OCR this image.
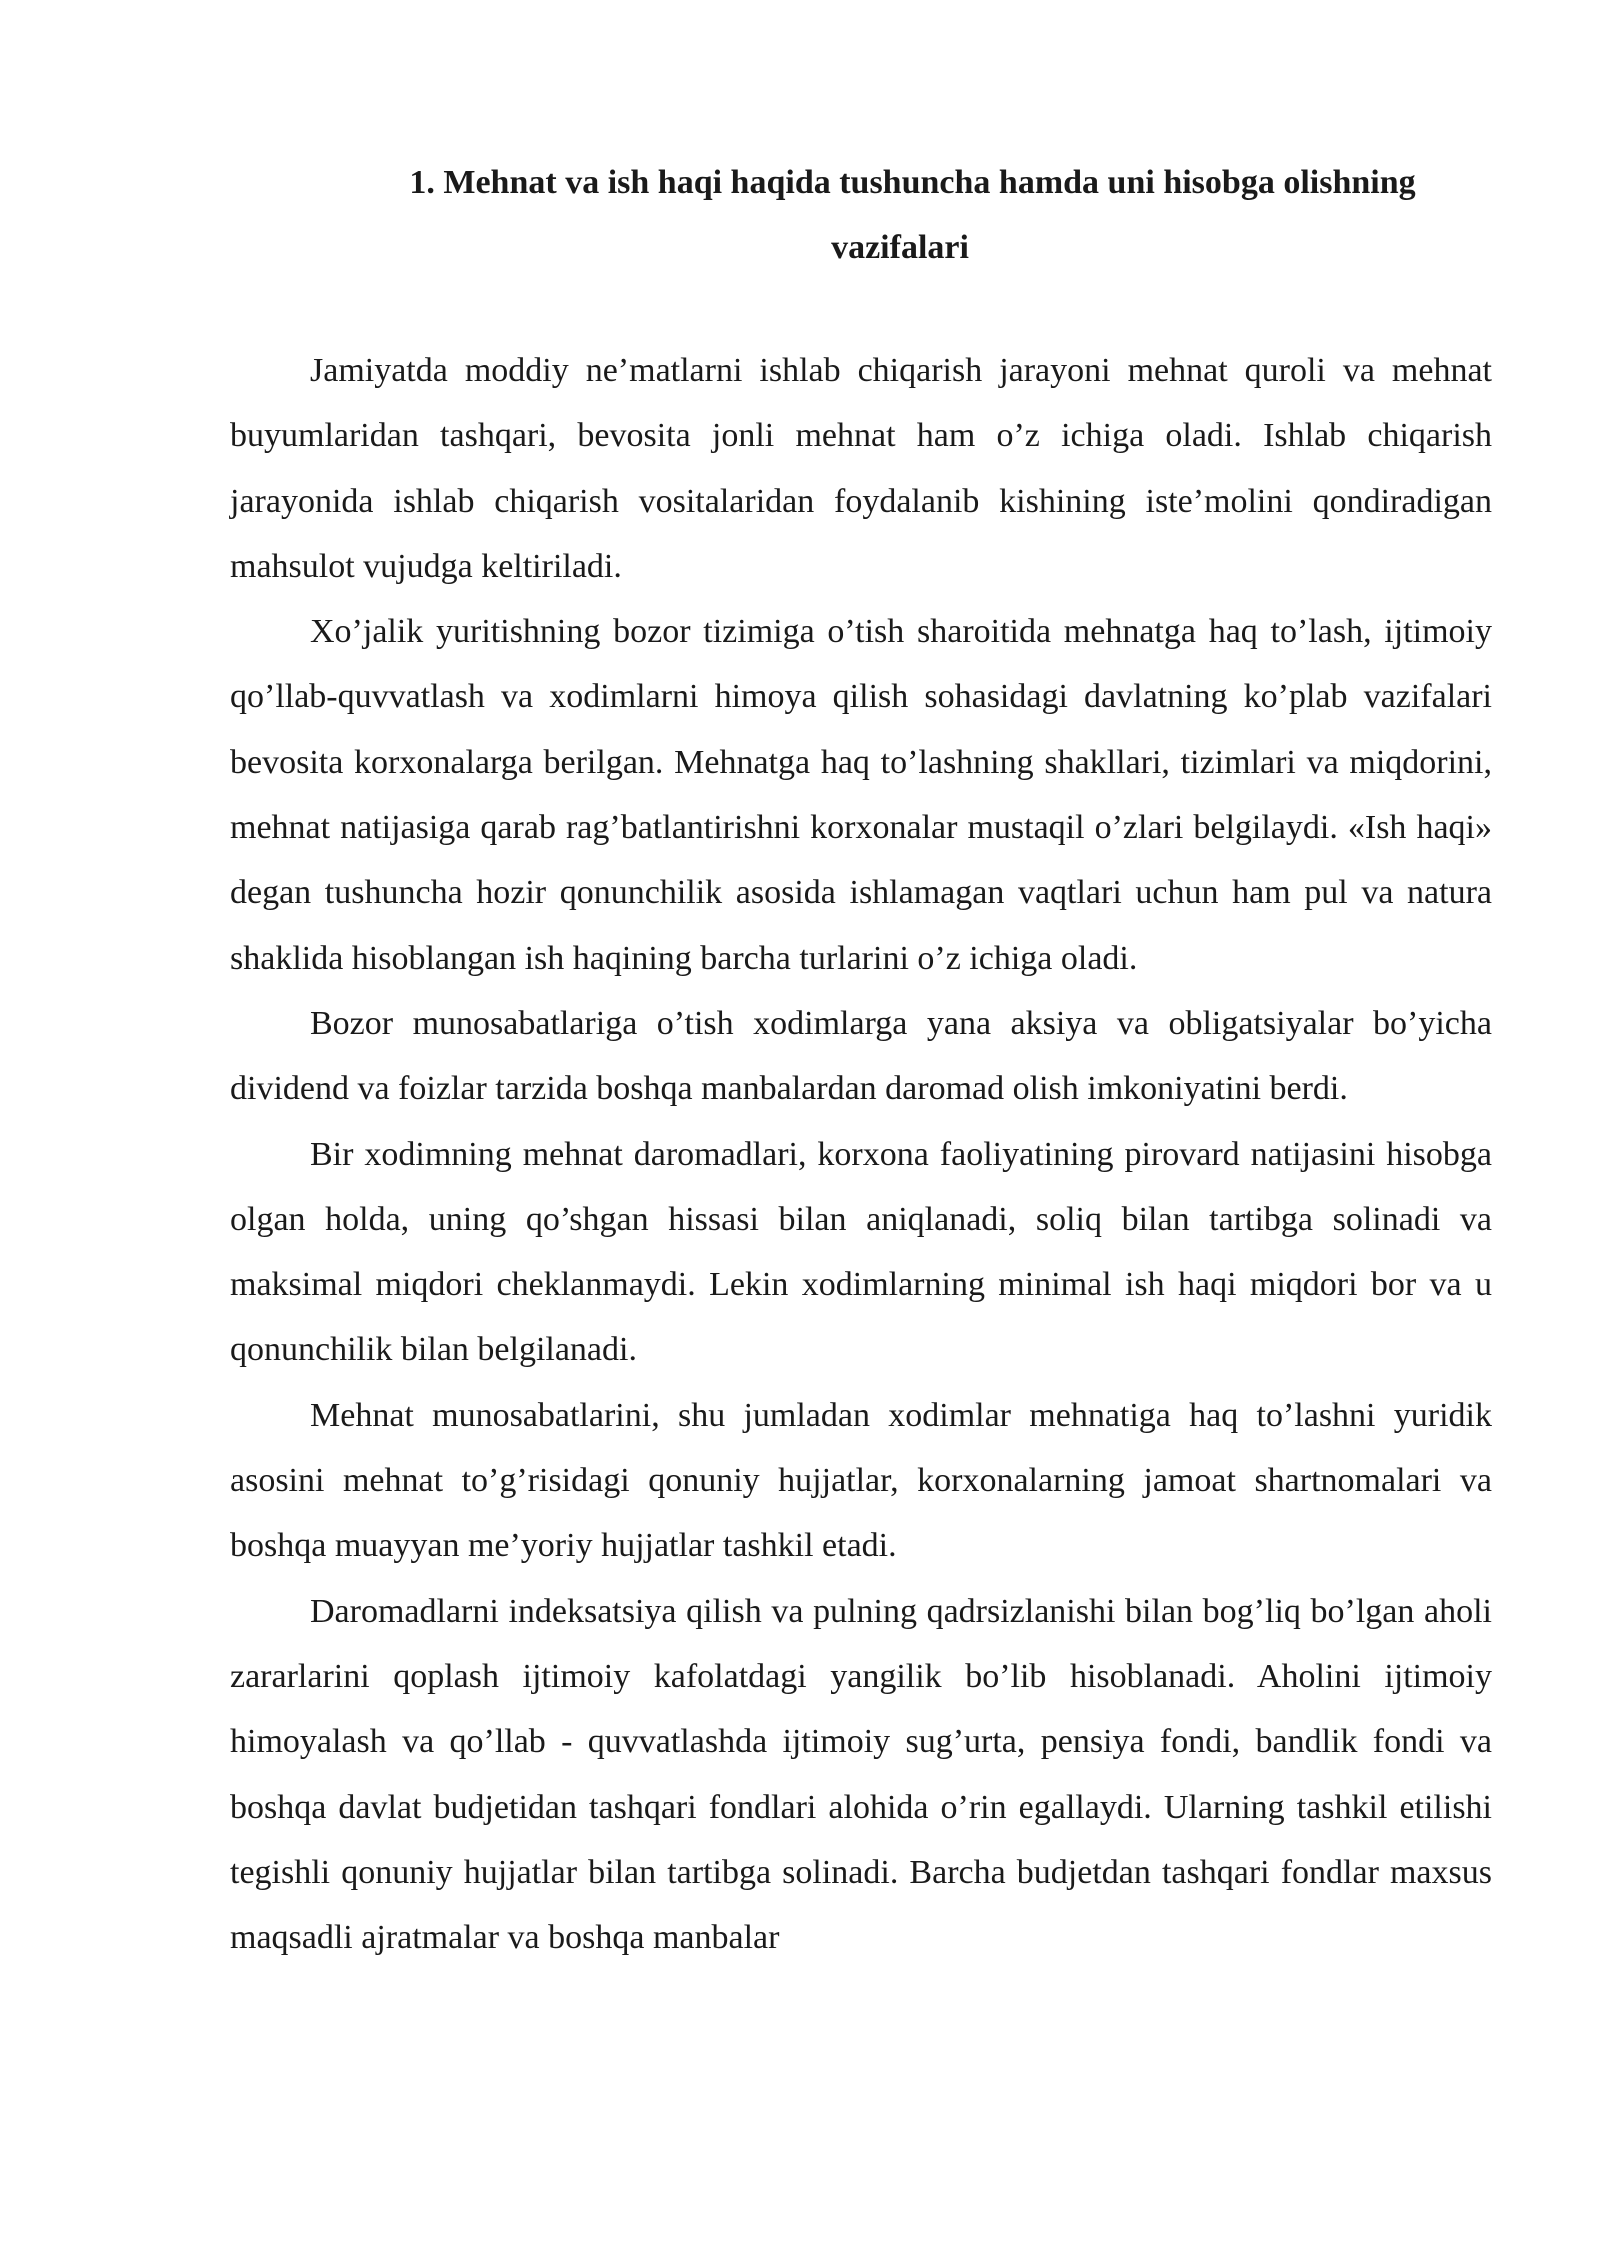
1. Mehnat va ish haqi haqida tushuncha hamda uni hisobga olishning vazifalari

Jamiyatda moddiy ne’matlarni ishlab chiqarish jarayoni mehnat quroli va mehnat buyumlaridan tashqari, bevosita jonli mehnat ham o’z ichiga oladi. Ishlab chiqarish jarayonida ishlab chiqarish vositalaridan foydalanib kishining iste’molini qondiradigan mahsulot vujudga keltiriladi.

Xo’jalik yuritishning bozor tizimiga o’tish sharoitida mehnatga haq to’lash, ijtimoiy qo’llab-quvvatlash va xodimlarni himoya qilish sohasidagi davlatning ko’plab vazifalari bevosita korxonalarga berilgan. Mehnatga haq to’lashning shakllari, tizimlari va miqdorini, mehnat natijasiga qarab rag’batlantirishni korxonalar mustaqil o’zlari belgilaydi. «Ish haqi» degan tushuncha hozir qonunchilik asosida ishlamagan vaqtlari uchun ham pul va natura shaklida hisoblangan ish haqining barcha turlarini o’z ichiga oladi.

Bozor munosabatlariga o’tish xodimlarga yana aksiya va obligatsiyalar bo’yicha dividend va foizlar tarzida boshqa manbalardan daromad olish imkoniyatini berdi.

Bir xodimning mehnat daromadlari, korxona faoliyatining pirovard natijasini hisobga olgan holda, uning qo’shgan hissasi bilan aniqlanadi, soliq bilan tartibga solinadi va maksimal miqdori cheklanmaydi. Lekin xodimlarning minimal ish haqi miqdori bor va u qonunchilik bilan belgilanadi.

Mehnat munosabatlarini, shu jumladan xodimlar mehnatiga haq to’lashni yuridik asosini mehnat to’g’risidagi qonuniy hujjatlar, korxonalarning jamoat shartnomalari va boshqa muayyan me’yoriy hujjatlar tashkil etadi.

Daromadlarni indeksatsiya qilish va pulning qadrsizlanishi bilan bog’liq bo’lgan aholi zararlarini qoplash ijtimoiy kafolatdagi yangilik bo’lib hisoblanadi. Aholini ijtimoiy himoyalash va qo’llab - quvvatlashda ijtimoiy sug’urta, pensiya fondi, bandlik fondi va boshqa davlat budjetidan tashqari fondlari alohida o’rin egallaydi. Ularning tashkil etilishi tegishli qonuniy hujjatlar bilan tartibga solinadi. Barcha budjetdan tashqari fondlar maxsus maqsadli ajratmalar va boshqa manbalar
